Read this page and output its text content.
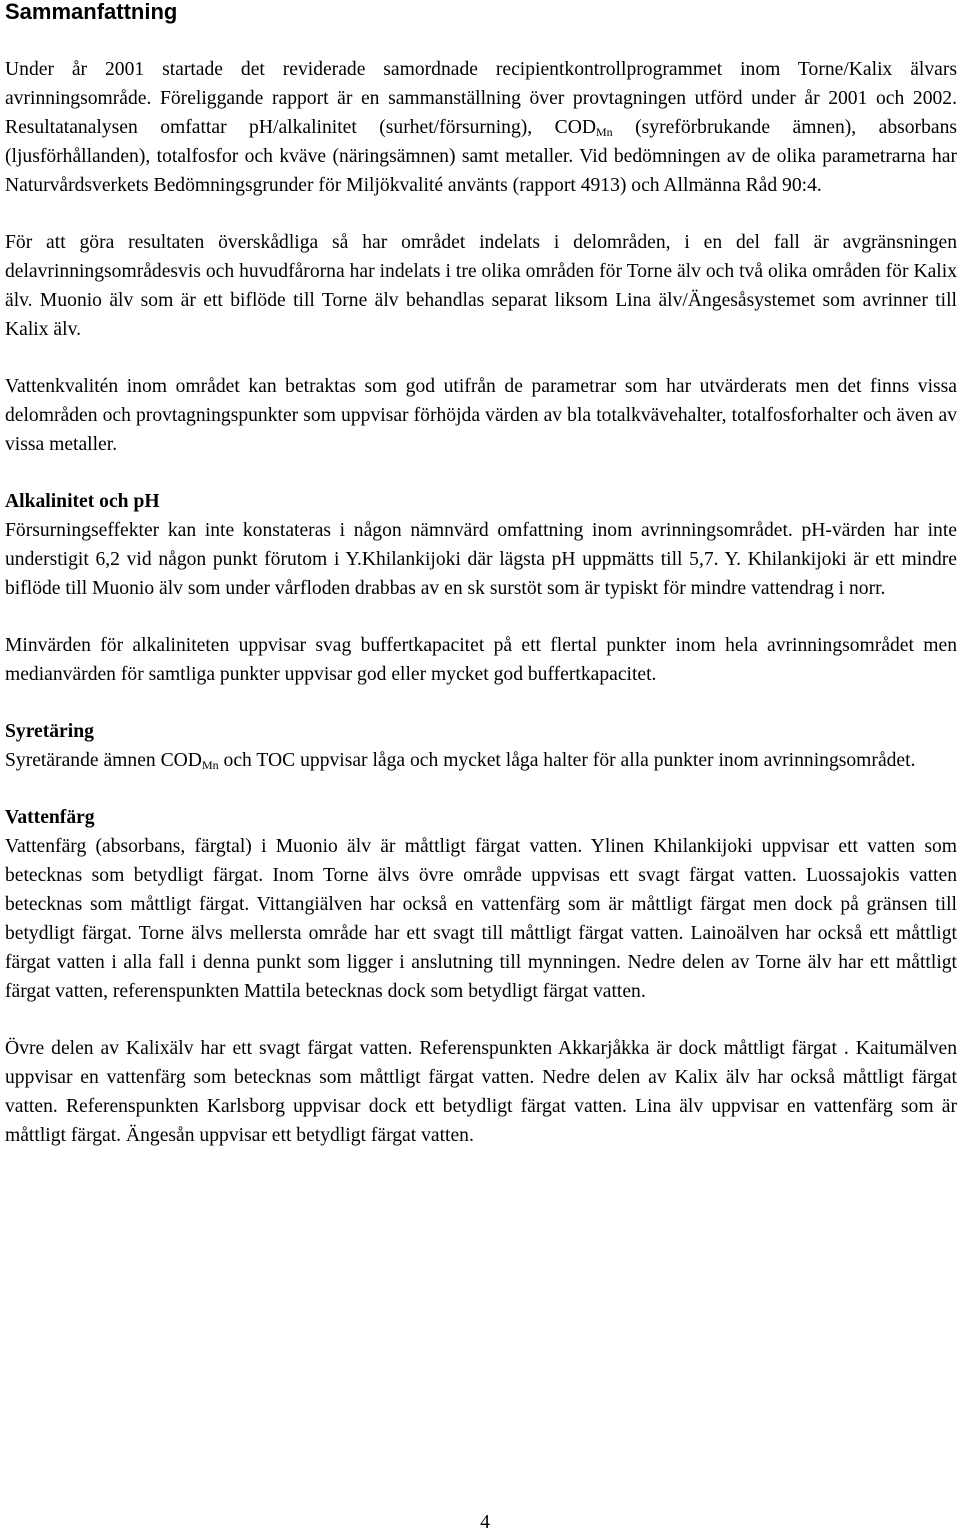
Sammanfattning

Under år 2001 startade det reviderade samordnade recipientkontrollprogrammet inom Torne/Kalix älvars avrinningsområde. Föreliggande rapport är en sammanställning över provtagningen utförd under år 2001 och 2002. Resultatanalysen omfattar pH/alkalinitet (surhet/försurning), $COD_{Mn}$ (syreförbrukande ämnen), absorbans (ljusförhållanden), totalfosfor och kväve (näringsämnen) samt metaller. Vid bedömningen av de olika parametrarna har Naturvårdsverkets Bedömningsgrunder för Miljökvalité använts (rapport 4913) och Allmänna Råd 90:4.

För att göra resultaten överskådliga så har området indelats i delområden, i en del fall är avgränsningen delavrinningsområdesvis och huvudfårorna har indelats i tre olika områden för Torne älv och två olika områden för Kalix älv. Muonio älv som är ett biflöde till Torne älv behandlas separat liksom Lina älv/Ängesåsystemet som avrinner till Kalix älv.

Vattenkvalitén inom området kan betraktas som god utifrån de parametrar som har utvärderats men det finns vissa delområden och provtagningspunkter som uppvisar förhöjda värden av bla totalkvävehalter, totalfosforhalter och även av vissa metaller.

Alkalinitet och pH

Försurningseffekter kan inte konstateras i någon nämnvärd omfattning inom avrinningsområdet. pH-värden har inte understigit 6,2 vid någon punkt förutom i Y.Khilankijoki där lägsta pH uppmätts till 5,7. Y. Khilankijoki är ett mindre biflöde till Muonio älv som under vårfloden drabbas av en sk surstöt som är typiskt för mindre vattendrag i norr.

Minvärden för alkaliniteten uppvisar svag buffertkapacitet på ett flertal punkter inom hela avrinningsområdet men medianvärden för samtliga punkter uppvisar god eller mycket god buffertkapacitet.

Syretäring

Syretärande ämnen $COD_{Mn}$ och TOC uppvisar låga och mycket låga halter för alla punkter inom avrinningsområdet.

Vattenfärg

Vattenfärg (absorbans, färgtal) i Muonio älv är måttligt färgat vatten. Ylinen Khilankijoki uppvisar ett vatten som betecknas som betydligt färgat. Inom Torne älvs övre område uppvisas ett svagt färgat vatten. Luossajokis vatten betecknas som måttligt färgat. Vittangiälven har också en vattenfärg som är måttligt färgat men dock på gränsen till betydligt färgat. Torne älvs mellersta område har ett svagt till måttligt färgat vatten. Lainoälven har också ett måttligt färgat vatten i alla fall i denna punkt som ligger i anslutning till mynningen. Nedre delen av Torne älv har ett måttligt färgat vatten, referenspunkten Mattila betecknas dock som betydligt färgat vatten.

Övre delen av Kalixälv har ett svagt färgat vatten. Referenspunkten Akkarjåkka är dock måttligt färgat . Kaitumälven uppvisar en vattenfärg som betecknas som måttligt färgat vatten. Nedre delen av Kalix älv har också måttligt färgat vatten. Referenspunkten Karlsborg uppvisar dock ett betydligt färgat vatten. Lina älv uppvisar en vattenfärg som är måttligt färgat. Ängesån uppvisar ett betydligt färgat vatten.

4
